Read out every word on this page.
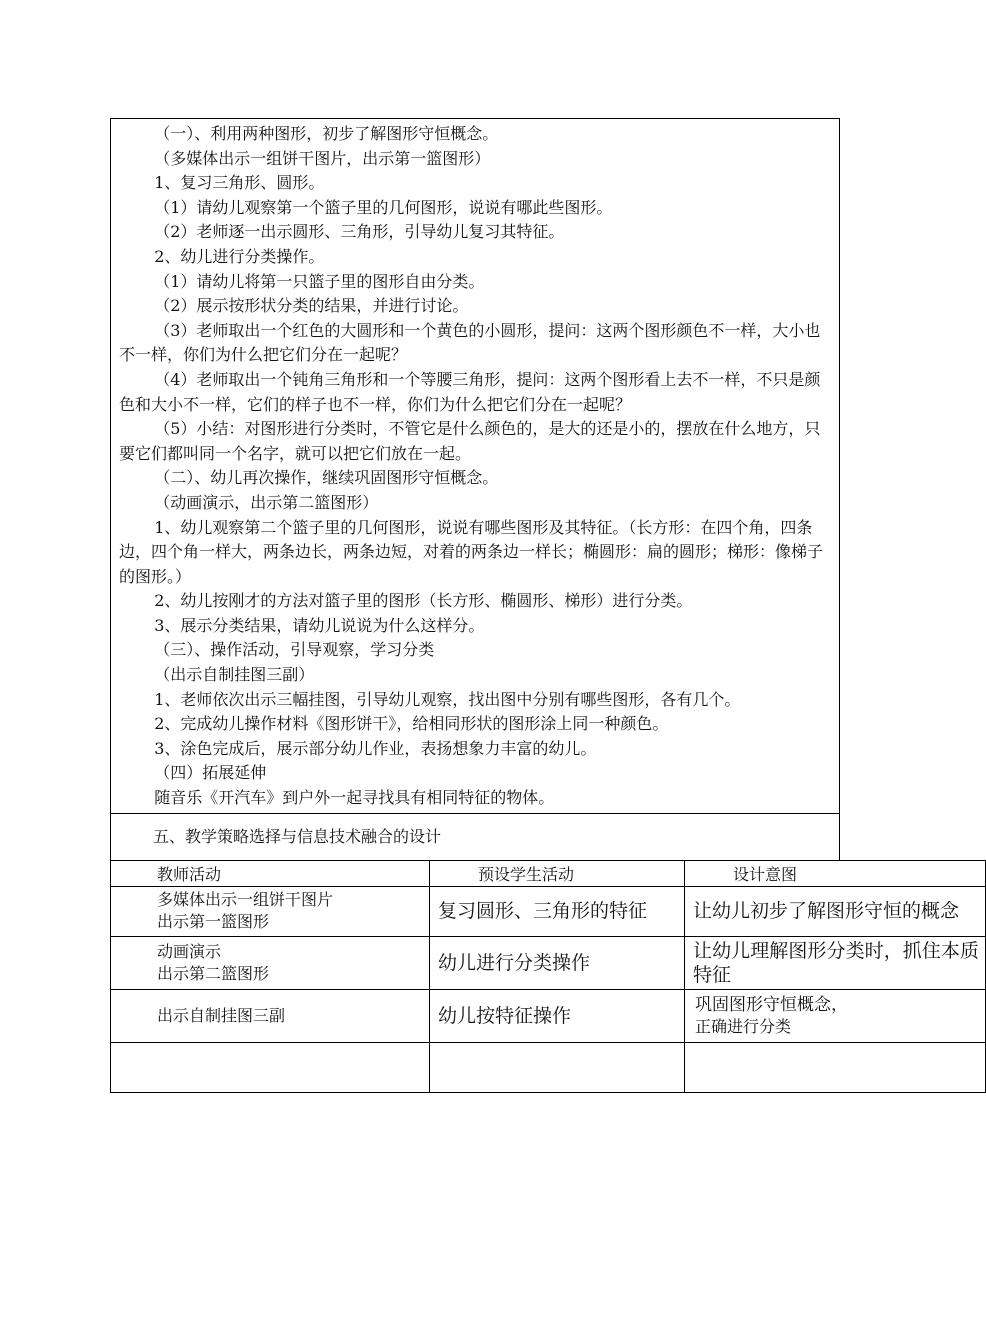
（一）、利用两种图形，初步了解图形守恒概念。

（多媒体出示一组饼干图片，出示第一篮图形）

1、复习三角形、圆形。

（1）请幼儿观察第一个篮子里的几何图形，说说有哪此些图形。

（2）老师逐一出示圆形、三角形，引导幼儿复习其特征。

2、幼儿进行分类操作。

（1）请幼儿将第一只篮子里的图形自由分类。

（2）展示按形状分类的结果，并进行讨论。

（3）老师取出一个红色的大圆形和一个黄色的小圆形，提问：这两个图形颜色不一样，大小也不一样，你们为什么把它们分在一起呢？

（4）老师取出一个钝角三角形和一个等腰三角形，提问：这两个图形看上去不一样，不只是颜色和大小不一样，它们的样子也不一样，你们为什么把它们分在一起呢？

（5）小结：对图形进行分类时，不管它是什么颜色的，是大的还是小的，摆放在什么地方，只要它们都叫同一个名字，就可以把它们放在一起。

（二）、幼儿再次操作，继续巩固图形守恒概念。

（动画演示，出示第二篮图形）

1、幼儿观察第二个篮子里的几何图形，说说有哪些图形及其特征。（长方形：在四个角，四条边，四个角一样大，两条边长，两条边短，对着的两条边一样长；椭圆形：扁的圆形；梯形：像梯子的图形。）

2、幼儿按刚才的方法对篮子里的图形（长方形、椭圆形、梯形）进行分类。

3、展示分类结果，请幼儿说说为什么这样分。

（三）、操作活动，引导观察，学习分类

（出示自制挂图三副）

1、老师依次出示三幅挂图，引导幼儿观察，找出图中分别有哪些图形，各有几个。

2、完成幼儿操作材料《图形饼干》，给相同形状的图形涂上同一种颜色。

3、涂色完成后，展示部分幼儿作业，表扬想象力丰富的幼儿。

（四）拓展延伸

随音乐《开汽车》到户外一起寻找具有相同特征的物体。

五、教学策略选择与信息技术融合的设计
教师活动	预设学生活动	设计意图

多媒体出示一组饼干图片
出示第一篮图形	复习圆形、三角形的特征	让幼儿初步了解图形守恒的概念

动画演示
出示第二篮图形	幼儿进行分类操作	让幼儿理解图形分类时，抓住本质特征

出示自制挂图三副	幼儿按特征操作	巩固图形守恒概念，
正确进行分类
